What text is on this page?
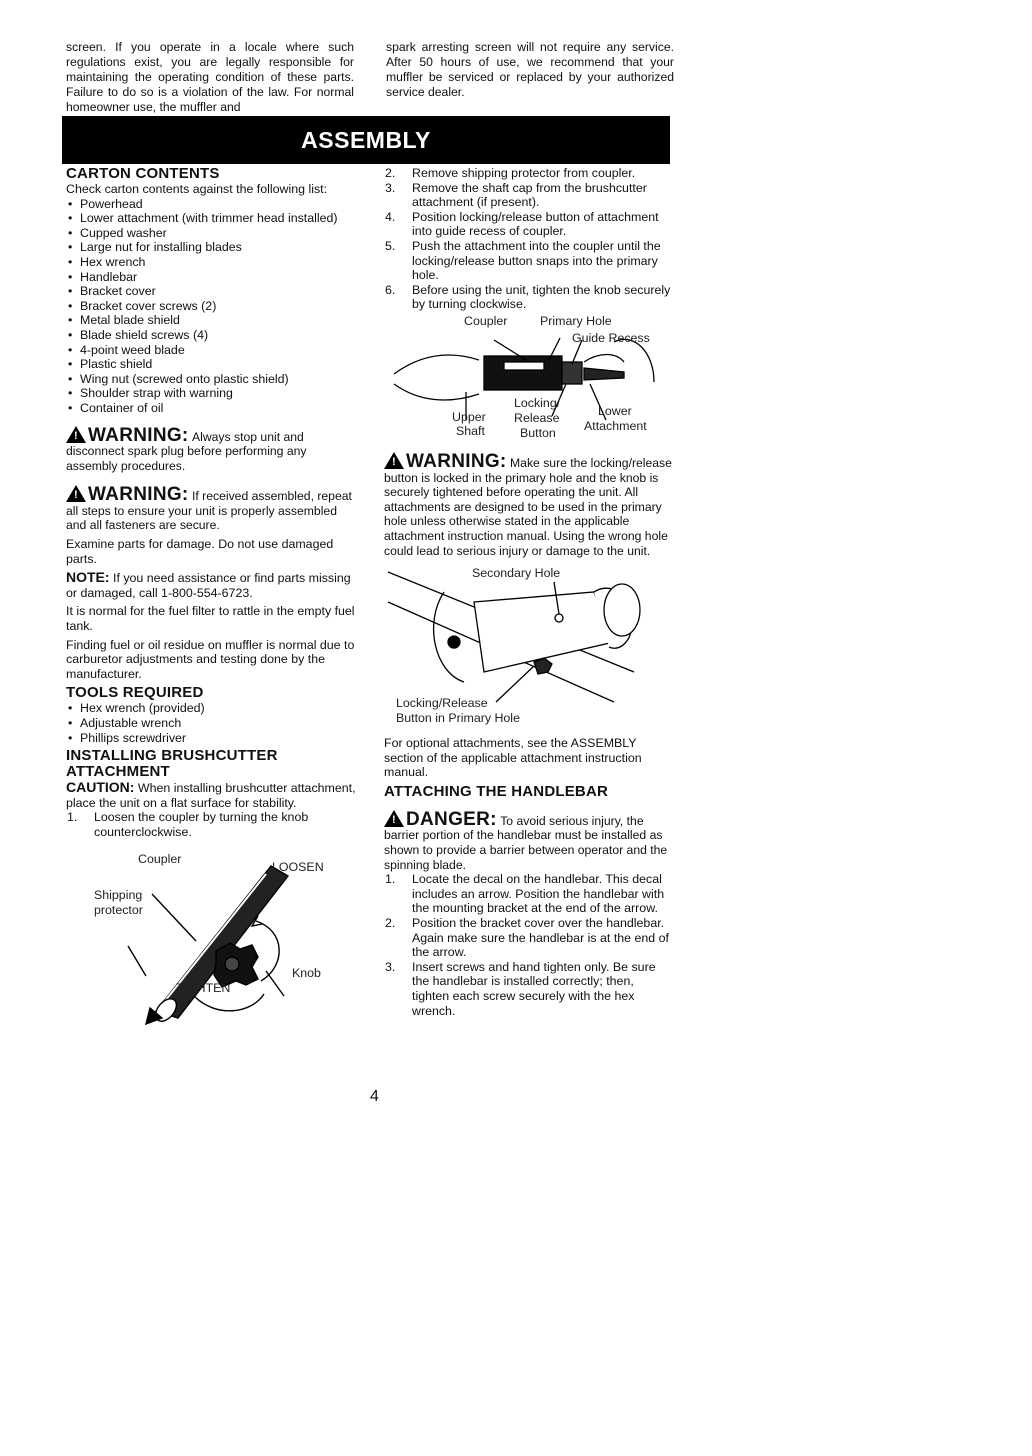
screen. If you operate in a locale where such regulations exist, you are legally responsible for maintaining the operating condition of these parts. Failure to do so is a violation of the law. For normal homeowner use, the muffler and
spark arresting screen will not require any service. After 50 hours of use, we recommend that your muffler be serviced or replaced by your authorized service dealer.
ASSEMBLY
CARTON CONTENTS

Check carton contents against the following list:

• Powerhead
• Lower attachment (with trimmer head installed)
• Cupped washer
• Large nut for installing blades
• Hex wrench
• Handlebar
• Bracket cover
• Bracket cover screws (2)
• Metal blade shield
• Blade shield screws (4)
• 4-point weed blade
• Plastic shield
• Wing nut (screwed onto plastic shield)
• Shoulder strap with warning
• Container of oil

!WARNING: Always stop unit and disconnect spark plug before performing any assembly procedures.

!WARNING: If received assembled, repeat all steps to ensure your unit is properly assembled and all fasteners are secure.

Examine parts for damage. Do not use damaged parts.

NOTE: If you need assistance or find parts missing or damaged, call 1-800-554-6723.

It is normal for the fuel filter to rattle in the empty fuel tank.

Finding fuel or oil residue on muffler is normal due to carburetor adjustments and testing done by the manufacturer.

TOOLS REQUIRED
• Hex wrench (provided)
• Adjustable wrench
• Phillips screwdriver
INSTALLING BRUSHCUTTER ATTACHMENT

CAUTION: When installing brushcutter attachment, place the unit on a flat surface for stability.

1. Loosen the coupler by turning the knob counterclockwise.
Coupler
Shipping
protector
LOOSEN
TIGHTEN
Knob
2. Remove shipping protector from coupler.
3. Remove the shaft cap from the brushcutter attachment (if present).
4. Position locking/release button of attachment into guide recess of coupler.
5. Push the attachment into the coupler until the locking/release button snaps into the primary hole.
6. Before using the unit, tighten the knob securely by turning clockwise.
Coupler	Primary Hole
Guide Recess
Upper
Shaft
Locking/
Release
Button
Lower
Attachment

!WARNING: Make sure the locking/release button is locked in the primary hole and the knob is securely tightened before operating the unit. All attachments are designed to be used in the primary hole unless otherwise stated in the applicable attachment instruction manual. Using the wrong hole could lead to serious injury or damage to the unit.

Secondary Hole
Locking/Release
Button in Primary Hole

For optional attachments, see the ASSEMBLY section of the applicable attachment instruction manual.

ATTACHING THE HANDLEBAR

!DANGER: To avoid serious injury, the barrier portion of the handlebar must be installed as shown to provide a barrier between operator and the spinning blade.

1. Locate the decal on the handlebar. This decal includes an arrow. Position the handlebar with the mounting bracket at the end of the arrow.
2. Position the bracket cover over the handlebar. Again make sure the handlebar is at the end of the arrow.
3. Insert screws and hand tighten only. Be sure the handlebar is installed correctly; then, tighten each screw securely with the hex wrench.
4
